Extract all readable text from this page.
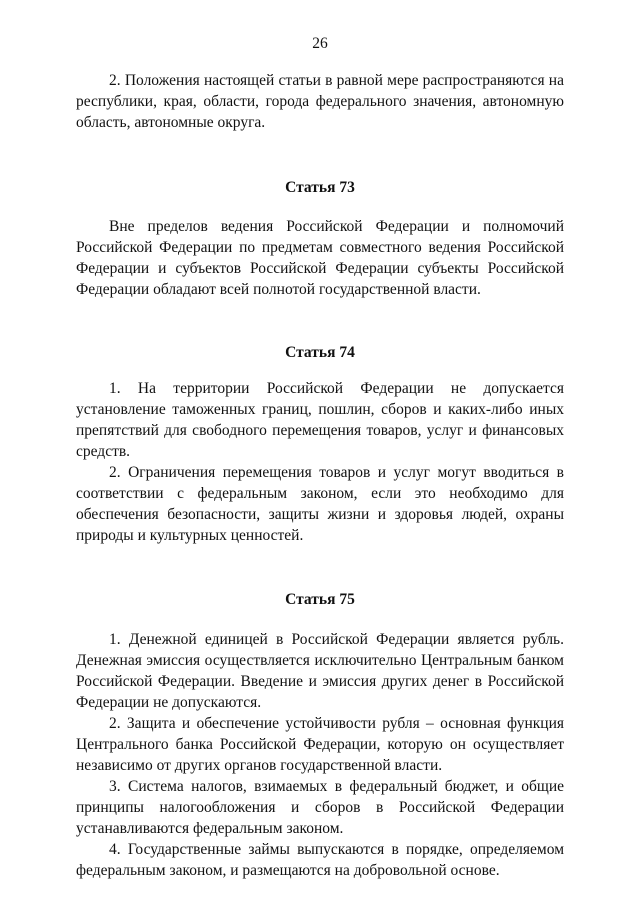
26

2. Положения настоящей статьи в равной мере распространяются на республики, края, области, города федерального значения, автономную область, автономные округа.

Статья 73

Вне пределов ведения Российской Федерации и полномочий Российской Федерации по предметам совместного ведения Российской Федерации и субъектов Российской Федерации субъекты Российской Федерации обладают всей полнотой государственной власти.

Статья 74

1. На территории Российской Федерации не допускается установление таможенных границ, пошлин, сборов и каких-либо иных препятствий для свободного перемещения товаров, услуг и финансовых средств.

2. Ограничения перемещения товаров и услуг могут вводиться в соответствии с федеральным законом, если это необходимо для обеспечения безопасности, защиты жизни и здоровья людей, охраны природы и культурных ценностей.

Статья 75

1. Денежной единицей в Российской Федерации является рубль. Денежная эмиссия осуществляется исключительно Центральным банком Российской Федерации. Введение и эмиссия других денег в Российской Федерации не допускаются.

2. Защита и обеспечение устойчивости рубля – основная функция Центрального банка Российской Федерации, которую он осуществляет независимо от других органов государственной власти.

3. Система налогов, взимаемых в федеральный бюджет, и общие принципы налогообложения и сборов в Российской Федерации устанавливаются федеральным законом.

4. Государственные займы выпускаются в порядке, определяемом федеральным законом, и размещаются на добровольной основе.
